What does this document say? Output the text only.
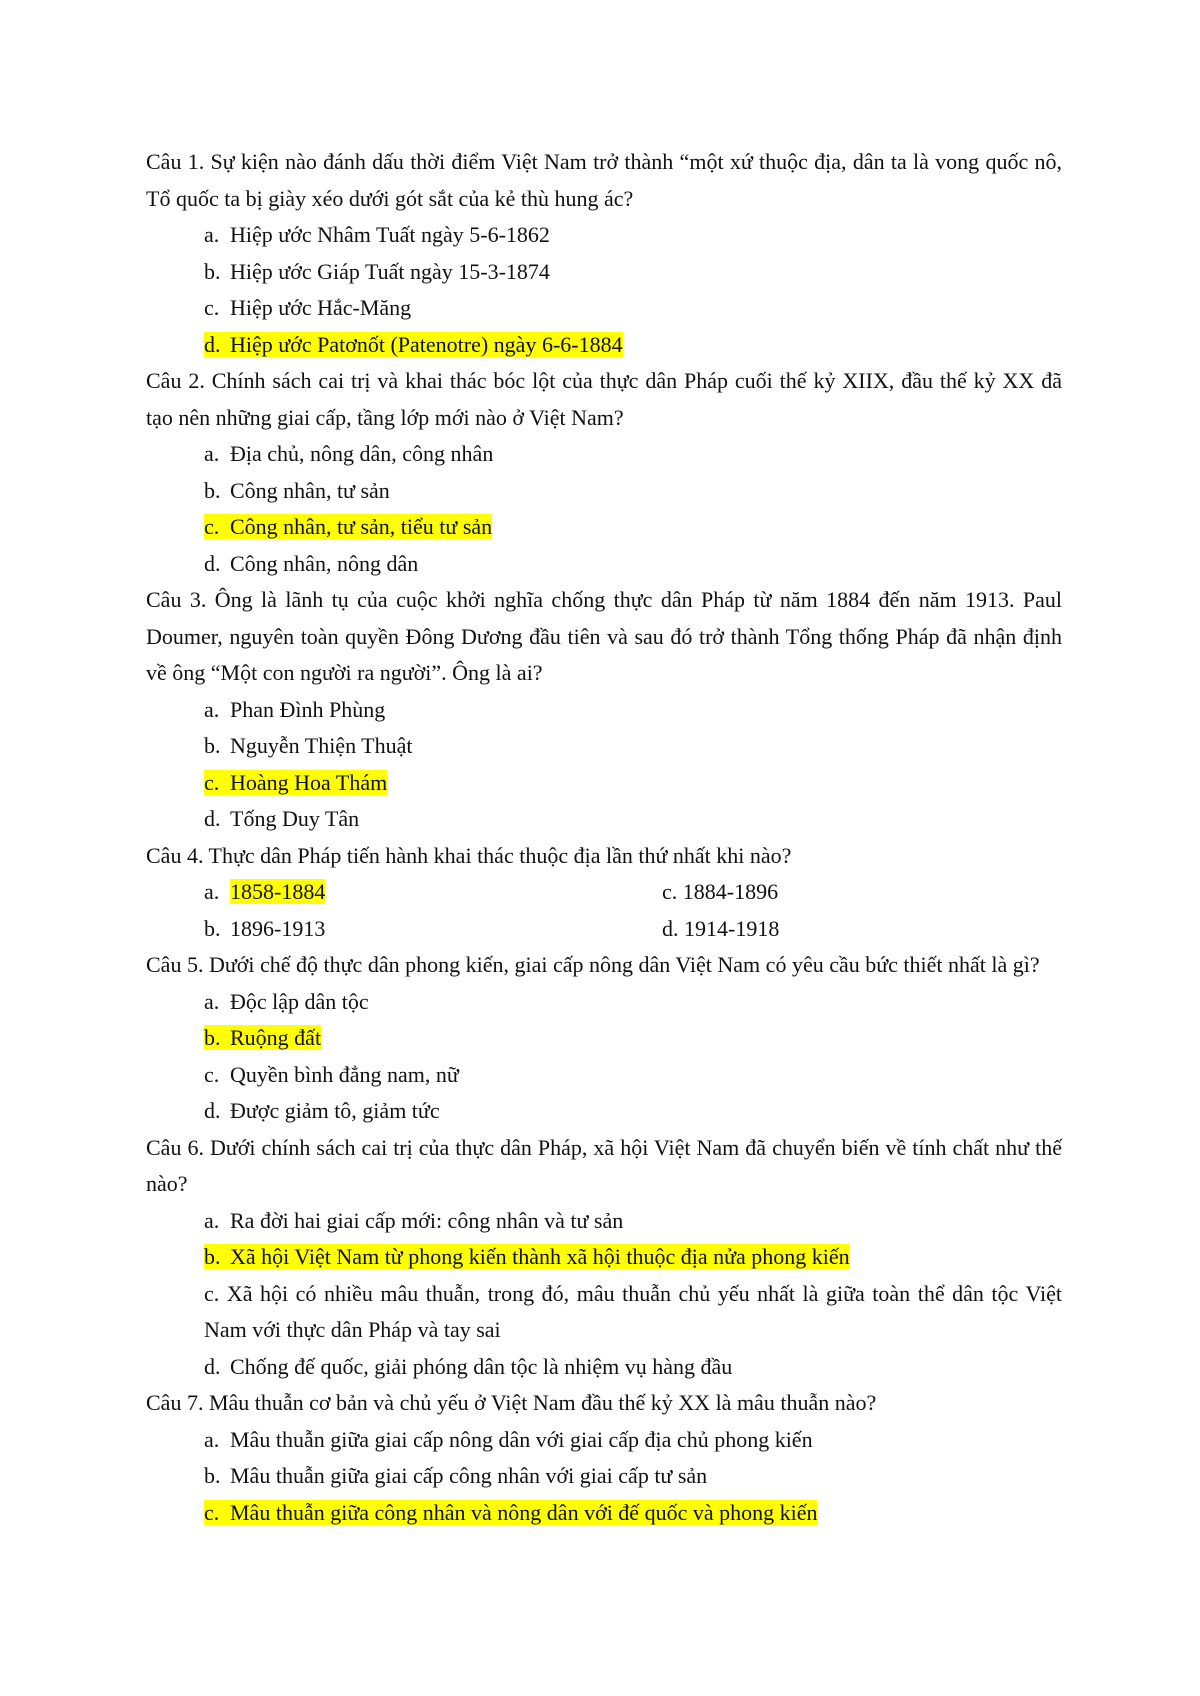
Câu 1. Sự kiện nào đánh dấu thời điểm Việt Nam trở thành “một xứ thuộc địa, dân ta là vong quốc nô, Tổ quốc ta bị giày xéo dưới gót sắt của kẻ thù hung ác?

a. Hiệp ước Nhâm Tuất ngày 5-6-1862

b. Hiệp ước Giáp Tuất ngày 15-3-1874

c. Hiệp ước Hắc-Măng

d. Hiệp ước Patơnốt (Patenotre) ngày 6-6-1884

Câu 2. Chính sách cai trị và khai thác bóc lột của thực dân Pháp cuối thế kỷ XIIX, đầu thế kỷ XX đã tạo nên những giai cấp, tầng lớp mới nào ở Việt Nam?

a. Địa chủ, nông dân, công nhân

b. Công nhân, tư sản

c. Công nhân, tư sản, tiểu tư sản

d. Công nhân, nông dân

Câu 3. Ông là lãnh tụ của cuộc khởi nghĩa chống thực dân Pháp từ năm 1884 đến năm 1913. Paul Doumer, nguyên toàn quyền Đông Dương đầu tiên và sau đó trở thành Tổng thống Pháp đã nhận định về ông “Một con người ra người”. Ông là ai?

a. Phan Đình Phùng

b. Nguyễn Thiện Thuật

c. Hoàng Hoa Thám

d. Tống Duy Tân

Câu 4. Thực dân Pháp tiến hành khai thác thuộc địa lần thứ nhất khi nào?

a. 1858-1884	c. 1884-1896
b. 1896-1913	d. 1914-1918

Câu 5. Dưới chế độ thực dân phong kiến, giai cấp nông dân Việt Nam có yêu cầu bức thiết nhất là gì?

a. Độc lập dân tộc

b. Ruộng đất

c. Quyền bình đẳng nam, nữ

d. Được giảm tô, giảm tức

Câu 6. Dưới chính sách cai trị của thực dân Pháp, xã hội Việt Nam đã chuyển biến về tính chất như thế nào?

a. Ra đời hai giai cấp mới: công nhân và tư sản

b. Xã hội Việt Nam từ phong kiến thành xã hội thuộc địa nửa phong kiến

c. Xã hội có nhiều mâu thuẫn, trong đó, mâu thuẫn chủ yếu nhất là giữa toàn thể dân tộc Việt Nam với thực dân Pháp và tay sai

d. Chống đế quốc, giải phóng dân tộc là nhiệm vụ hàng đầu

Câu 7. Mâu thuẫn cơ bản và chủ yếu ở Việt Nam đầu thế kỷ XX là mâu thuẫn nào?

a. Mâu thuẫn giữa giai cấp nông dân với giai cấp địa chủ phong kiến

b. Mâu thuẫn giữa giai cấp công nhân với giai cấp tư sản

c. Mâu thuẫn giữa công nhân và nông dân với đế quốc và phong kiến
